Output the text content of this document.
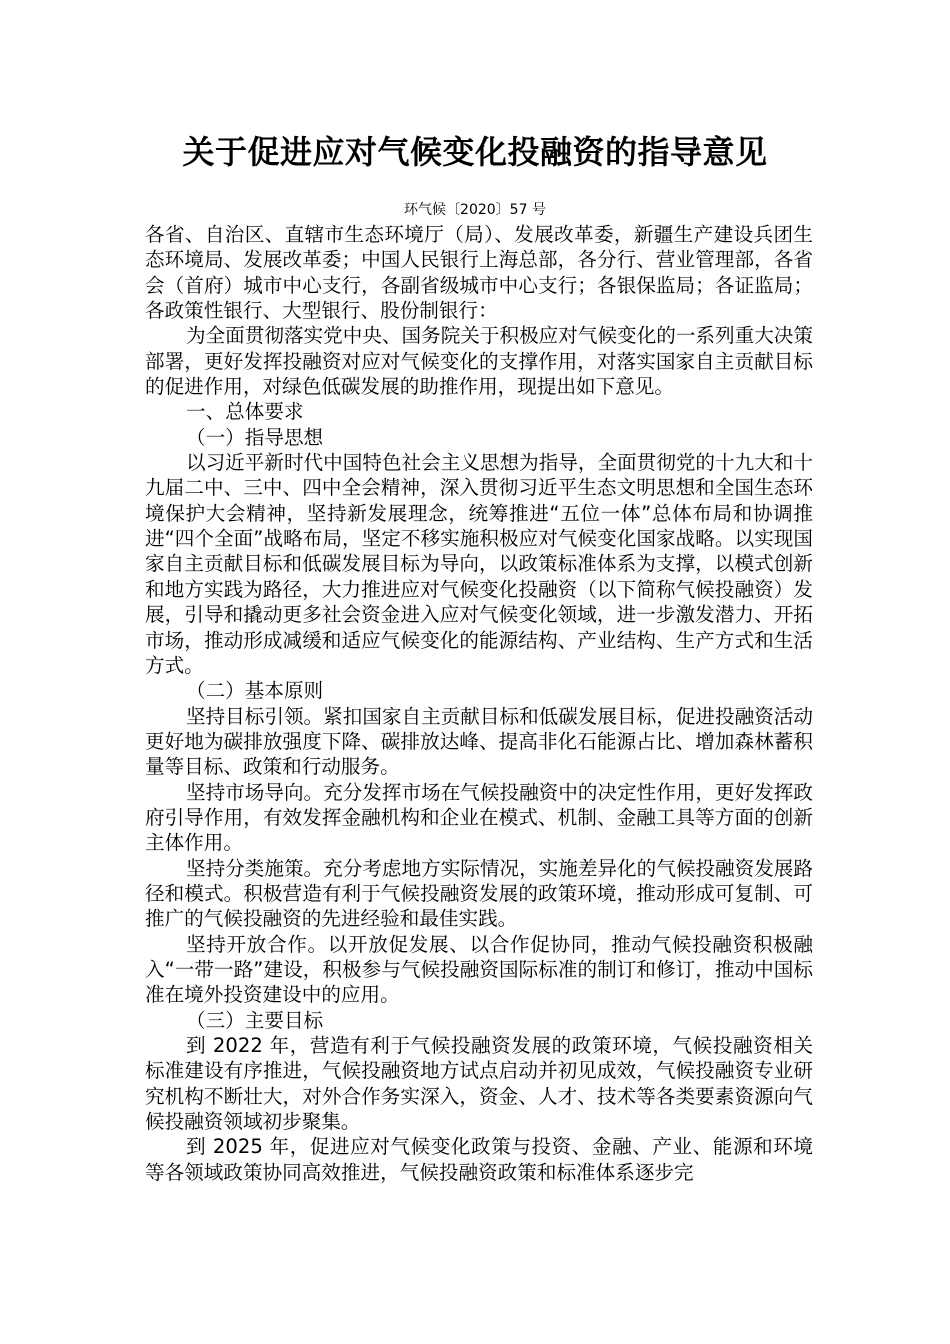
关于促进应对气候变化投融资的指导意见
环气候〔2020〕57 号

各省、自治区、直辖市生态环境厅（局）、发展改革委，新疆生产建设兵团生态环境局、发展改革委；中国人民银行上海总部，各分行、营业管理部，各省会（首府）城市中心支行，各副省级城市中心支行；各银保监局；各证监局；各政策性银行、大型银行、股份制银行：

为全面贯彻落实党中央、国务院关于积极应对气候变化的一系列重大决策部署，更好发挥投融资对应对气候变化的支撑作用，对落实国家自主贡献目标的促进作用，对绿色低碳发展的助推作用，现提出如下意见。

一、总体要求

（一）指导思想

以习近平新时代中国特色社会主义思想为指导，全面贯彻党的十九大和十九届二中、三中、四中全会精神，深入贯彻习近平生态文明思想和全国生态环境保护大会精神，坚持新发展理念，统筹推进“五位一体”总体布局和协调推进“四个全面”战略布局，坚定不移实施积极应对气候变化国家战略。以实现国家自主贡献目标和低碳发展目标为导向，以政策标准体系为支撑，以模式创新和地方实践为路径，大力推进应对气候变化投融资（以下简称气候投融资）发展，引导和撬动更多社会资金进入应对气候变化领域，进一步激发潜力、开拓市场，推动形成减缓和适应气候变化的能源结构、产业结构、生产方式和生活方式。

（二）基本原则

坚持目标引领。紧扣国家自主贡献目标和低碳发展目标，促进投融资活动更好地为碳排放强度下降、碳排放达峰、提高非化石能源占比、增加森林蓄积量等目标、政策和行动服务。

坚持市场导向。充分发挥市场在气候投融资中的决定性作用，更好发挥政府引导作用，有效发挥金融机构和企业在模式、机制、金融工具等方面的创新主体作用。

坚持分类施策。充分考虑地方实际情况，实施差异化的气候投融资发展路径和模式。积极营造有利于气候投融资发展的政策环境，推动形成可复制、可推广的气候投融资的先进经验和最佳实践。

坚持开放合作。以开放促发展、以合作促协同，推动气候投融资积极融入“一带一路”建设，积极参与气候投融资国际标准的制订和修订，推动中国标准在境外投资建设中的应用。

（三）主要目标

到 2022 年，营造有利于气候投融资发展的政策环境，气候投融资相关标准建设有序推进，气候投融资地方试点启动并初见成效，气候投融资专业研究机构不断壮大，对外合作务实深入，资金、人才、技术等各类要素资源向气候投融资领域初步聚集。

到 2025 年，促进应对气候变化政策与投资、金融、产业、能源和环境等各领域政策协同高效推进，气候投融资政策和标准体系逐步完
